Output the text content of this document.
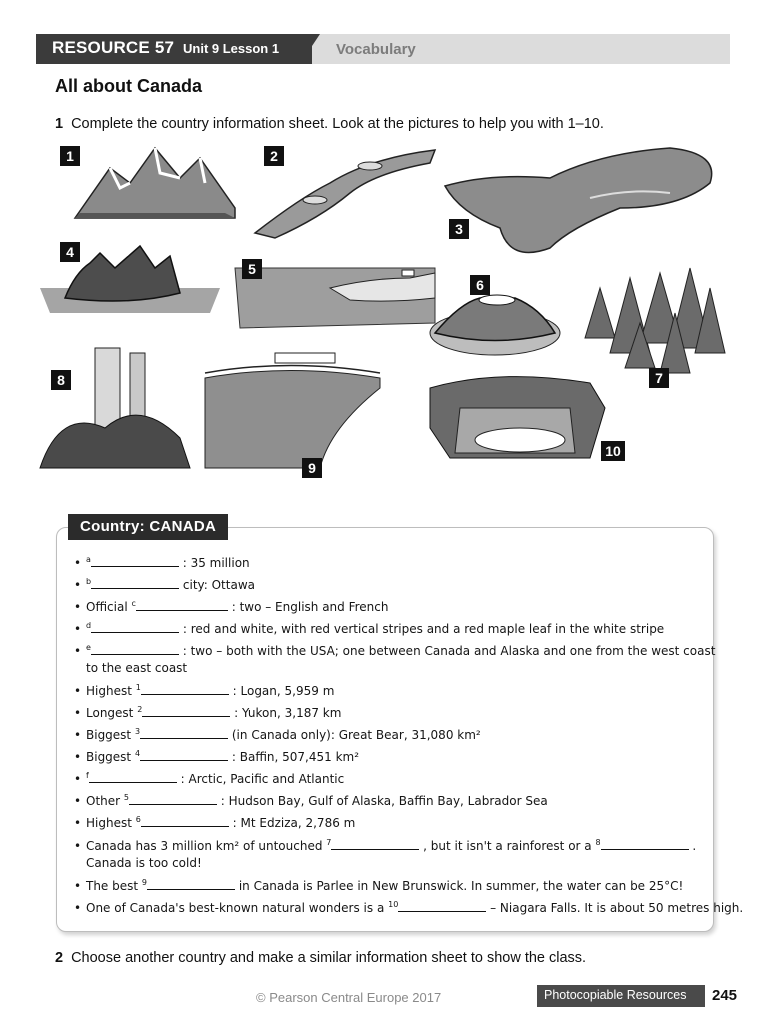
RESOURCE 57 Unit 9 Lesson 1	Vocabulary
All about Canada
1 Complete the country information sheet. Look at the pictures to help you with 1–10.
1	2
3
4
5
6
7
8
9
10
Country: CANADA
• $^a$	: 35 million
• $^b$	city: Ottawa
• Official $^c$	: two – English and French
• $^d$	: red and white, with red vertical stripes and a red maple leaf in the white stripe
• $^e$	: two – both with the USA; one between Canada and Alaska and one from the west coast
to the east coast
• Highest $^1$	: Logan, 5,959 m
• Longest $^2$	: Yukon, 3,187 km
• Biggest $^3$	(in Canada only): Great Bear, 31,080 km²
• Biggest $^4$	: Baffin, 507,451 km²
• $^f$	: Arctic, Pacific and Atlantic
• Other $^5$	: Hudson Bay, Gulf of Alaska, Baffin Bay, Labrador Sea
• Highest $^6$	: Mt Edziza, 2,786 m
• Canada has 3 million km² of untouched $^7$	, but it isn't a rainforest or a $^8$	.
Canada is too cold!
• The best $^9$	in Canada is Parlee in New Brunswick. In summer, the water can be 25°C!
• One of Canada's best-known natural wonders is a $^{10}$	– Niagara Falls. It is about 50 metres high.
2 Choose another country and make a similar information sheet to show the class.
© Pearson Central Europe 2017	Photocopiable Resources 245
